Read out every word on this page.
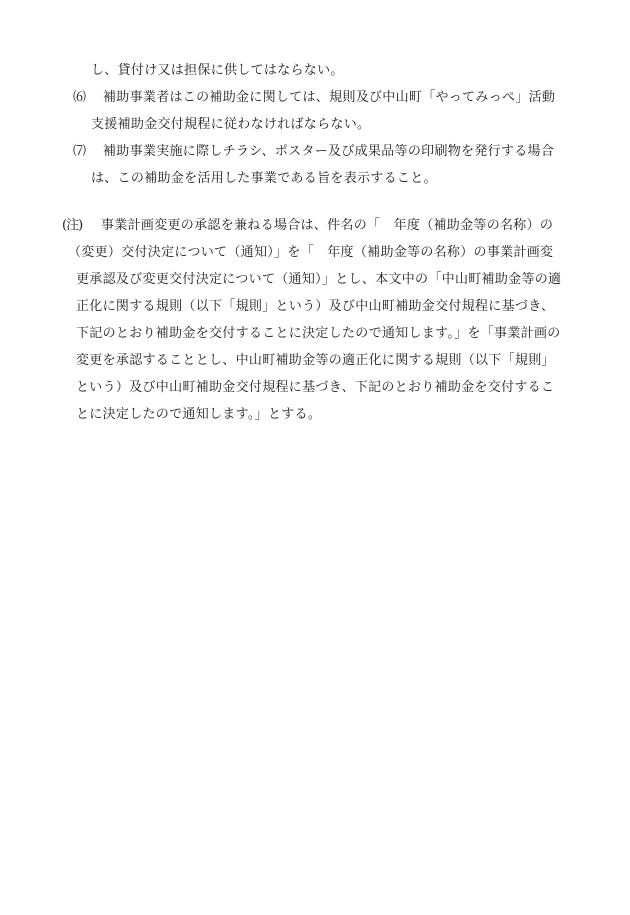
し、貸付け又は担保に供してはならない。
⑹ 補助事業者はこの補助金に関しては、規則及び中山町「やってみっぺ」活動
支援補助金交付規程に従わなければならない。
⑺ 補助事業実施に際しチラシ、ポスター及び成果品等の印刷物を発行する場合
は、この補助金を活用した事業である旨を表示すること。
(注) 事業計画変更の承認を兼ねる場合は、件名の「　年度（補助金等の名称）の
（変更）交付決定について（通知）」を「　年度（補助金等の名称）の事業計画変
更承認及び変更交付決定について（通知）」とし、本文中の「中山町補助金等の適
正化に関する規則（以下「規則」という）及び中山町補助金交付規程に基づき、
下記のとおり補助金を交付することに決定したので通知します。」を「事業計画の
変更を承認することとし、中山町補助金等の適正化に関する規則（以下「規則」
という）及び中山町補助金交付規程に基づき、下記のとおり補助金を交付するこ
とに決定したので通知します。」とする。
